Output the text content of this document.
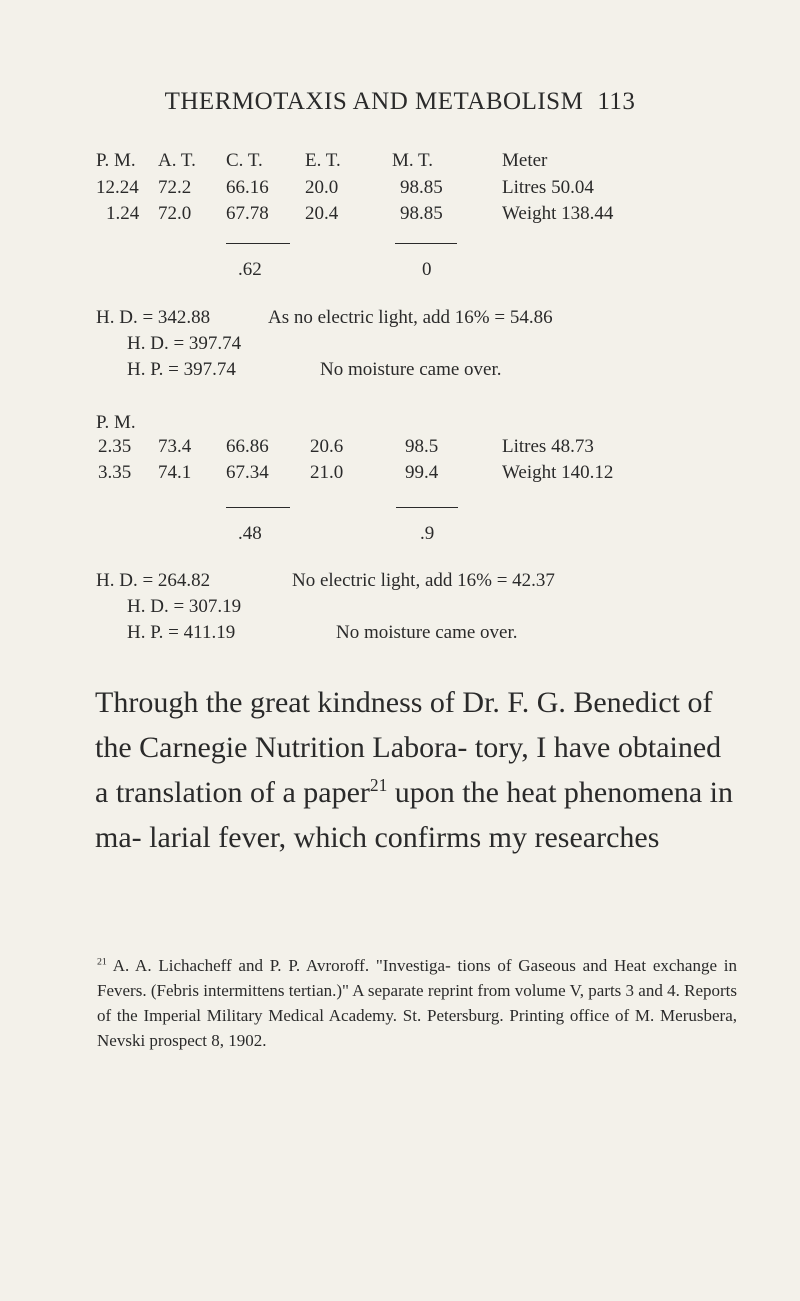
THERMOTAXIS AND METABOLISM 113
P. M. A. T. C. T. E. T.	M. T.	Meter
12.24 72.2 66.16 20.0	98.85	Litres 50.04
1.24 72.0 67.78 20.4	98.85	Weight 138.44
.62	0
H. D. = 342.88	As no electric light, add 16% = 54.86
H. D. = 397.74
H. P. = 397.74	No moisture came over.
P. M.
2.35 73.4 66.86 20.6	98.5	Litres 48.73
3.35 74.1 67.34 21.0	99.4	Weight 140.12
.48	.9
H. D. = 264.82	No electric light, add 16% = 42.37
H. D. = 307.19
H. P. = 411.19	No moisture came over.
Through the great kindness of Dr. F. G. Benedict of the Carnegie Nutrition Labora- tory, I have obtained a translation of a paper$^{21}$ upon the heat phenomena in ma- larial fever, which confirms my researches
$^{21}$ A. A. Lichacheff and P. P. Avroroff. "Investiga- tions of Gaseous and Heat exchange in Fevers. (Febris intermittens tertian.)" A separate reprint from volume V, parts 3 and 4. Reports of the Imperial Military Medical Academy. St. Petersburg. Printing office of M. Merusbera, Nevski prospect 8, 1902.
